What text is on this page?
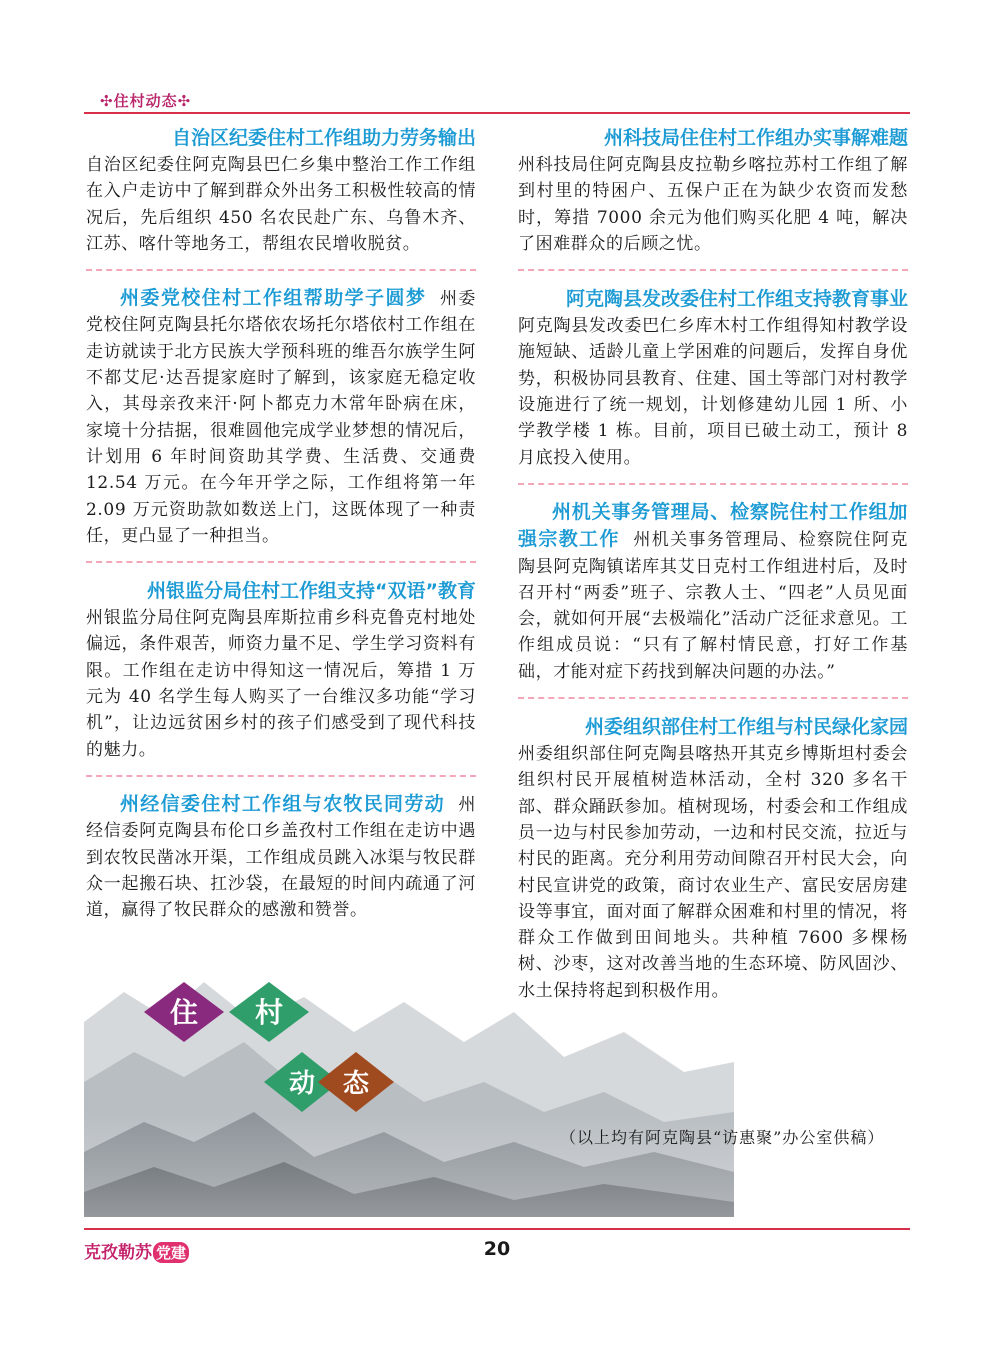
✣住村动态✣

自治区纪委住村工作组助力劳务输出

自治区纪委住阿克陶县巴仁乡集中整治工作工作组在入户走访中了解到群众外出务工积极性较高的情况后，先后组织 450 名农民赴广东、乌鲁木齐、江苏、喀什等地务工，帮组农民增收脱贫。

州委党校住村工作组帮助学子圆梦 州委党校住阿克陶县托尔塔依农场托尔塔依村工作组在走访就读于北方民族大学预科班的维吾尔族学生阿不都艾尼·达吾提家庭时了解到，该家庭无稳定收入，其母亲孜来汗·阿卜都克力木常年卧病在床，家境十分拮据，很难圆他完成学业梦想的情况后，计划用 6 年时间资助其学费、生活费、交通费 12.54 万元。在今年开学之际，工作组将第一年 2.09 万元资助款如数送上门，这既体现了一种责任，更凸显了一种担当。

州银监分局住村工作组支持“双语”教育

州银监分局住阿克陶县库斯拉甫乡科克鲁克村地处偏远，条件艰苦，师资力量不足、学生学习资料有限。工作组在走访中得知这一情况后，筹措 1 万元为 40 名学生每人购买了一台维汉多功能“学习机”，让边远贫困乡村的孩子们感受到了现代科技的魅力。

州经信委住村工作组与农牧民同劳动 州经信委阿克陶县布伦口乡盖孜村工作组在走访中遇到农牧民凿冰开渠，工作组成员跳入冰渠与牧民群众一起搬石块、扛沙袋，在最短的时间内疏通了河道，赢得了牧民群众的感激和赞誉。

州科技局住住村工作组办实事解难题

州科技局住阿克陶县皮拉勒乡喀拉苏村工作组了解到村里的特困户、五保户正在为缺少农资而发愁时，筹措 7000 余元为他们购买化肥 4 吨，解决了困难群众的后顾之忧。

阿克陶县发改委住村工作组支持教育事业

阿克陶县发改委巴仁乡库木村工作组得知村教学设施短缺、适龄儿童上学困难的问题后，发挥自身优势，积极协同县教育、住建、国土等部门对村教学设施进行了统一规划，计划修建幼儿园 1 所、小学教学楼 1 栋。目前，项目已破土动工，预计 8 月底投入使用。

州机关事务管理局、检察院住村工作组加强宗教工作 州机关事务管理局、检察院住阿克陶县阿克陶镇诺库其艾日克村工作组进村后，及时召开村“两委”班子、宗教人士、“四老”人员见面会，就如何开展“去极端化”活动广泛征求意见。工作组成员说：“只有了解村情民意，打好工作基础，才能对症下药找到解决问题的办法。”

州委组织部住村工作组与村民绿化家园

州委组织部住阿克陶县喀热开其克乡博斯坦村委会组织村民开展植树造林活动，全村 320 多名干部、群众踊跃参加。植树现场，村委会和工作组成员一边与村民参加劳动，一边和村民交流，拉近与村民的距离。充分利用劳动间隙召开村民大会，向村民宣讲党的政策，商讨农业生产、富民安居房建设等事宜，面对面了解群众困难和村里的情况，将群众工作做到田间地头。共种植 7600 多棵杨树、沙枣，这对改善当地的生态环境、防风固沙、水土保持将起到积极作用。

住 村
动 态
（以上均有阿克陶县“访惠聚”办公室供稿）
克孜勒苏 党建	20
